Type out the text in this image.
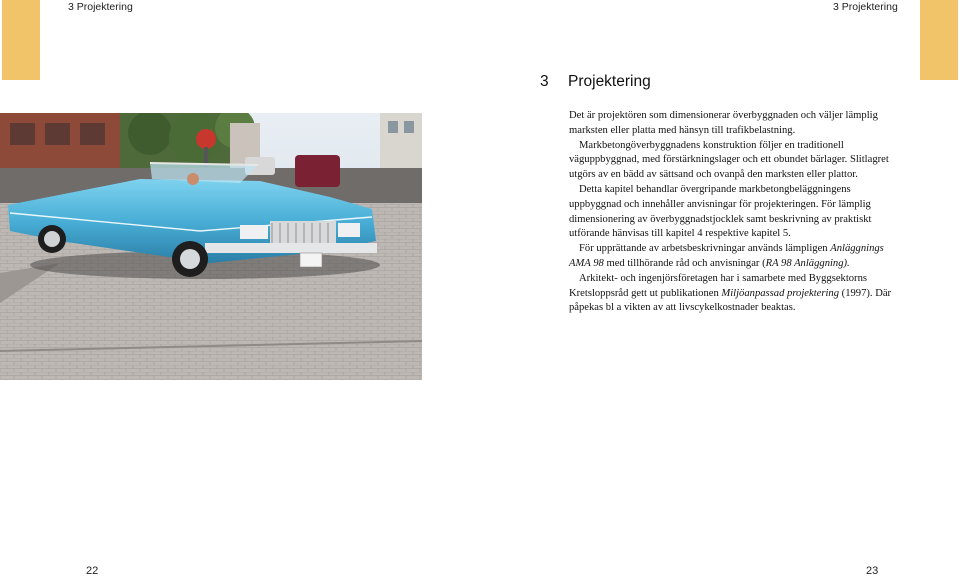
3 Projektering	3 Projektering
3 Projektering

Det är projektören som dimensionerar överbyggnaden och väljer lämplig marksten eller platta med hänsyn till trafikbelastning.

Markbetongöverbyggnadens konstruktion följer en traditionell väguppbyggnad, med förstärkningslager och ett obundet bärlager. Slitlagret utgörs av en bädd av sättsand och ovanpå den marksten eller plattor.

Detta kapitel behandlar övergripande markbetongbeläggningens uppbyggnad och innehåller anvisningar för projekteringen. För lämplig dimensionering av överbyggnadstjocklek samt beskrivning av praktiskt utförande hänvisas till kapitel 4 respektive kapitel 5.

För upprättande av arbetsbeskrivningar används lämpligen Anläggnings AMA 98 med tillhörande råd och anvisningar (RA 98 Anläggning).

Arkitekt- och ingenjörsföretagen har i samarbete med Byggsektorns Kretsloppsråd gett ut publikationen Miljöanpassad projektering (1997). Där påpekas bl a vikten av att livscykelkostnader beaktas.

22	23
